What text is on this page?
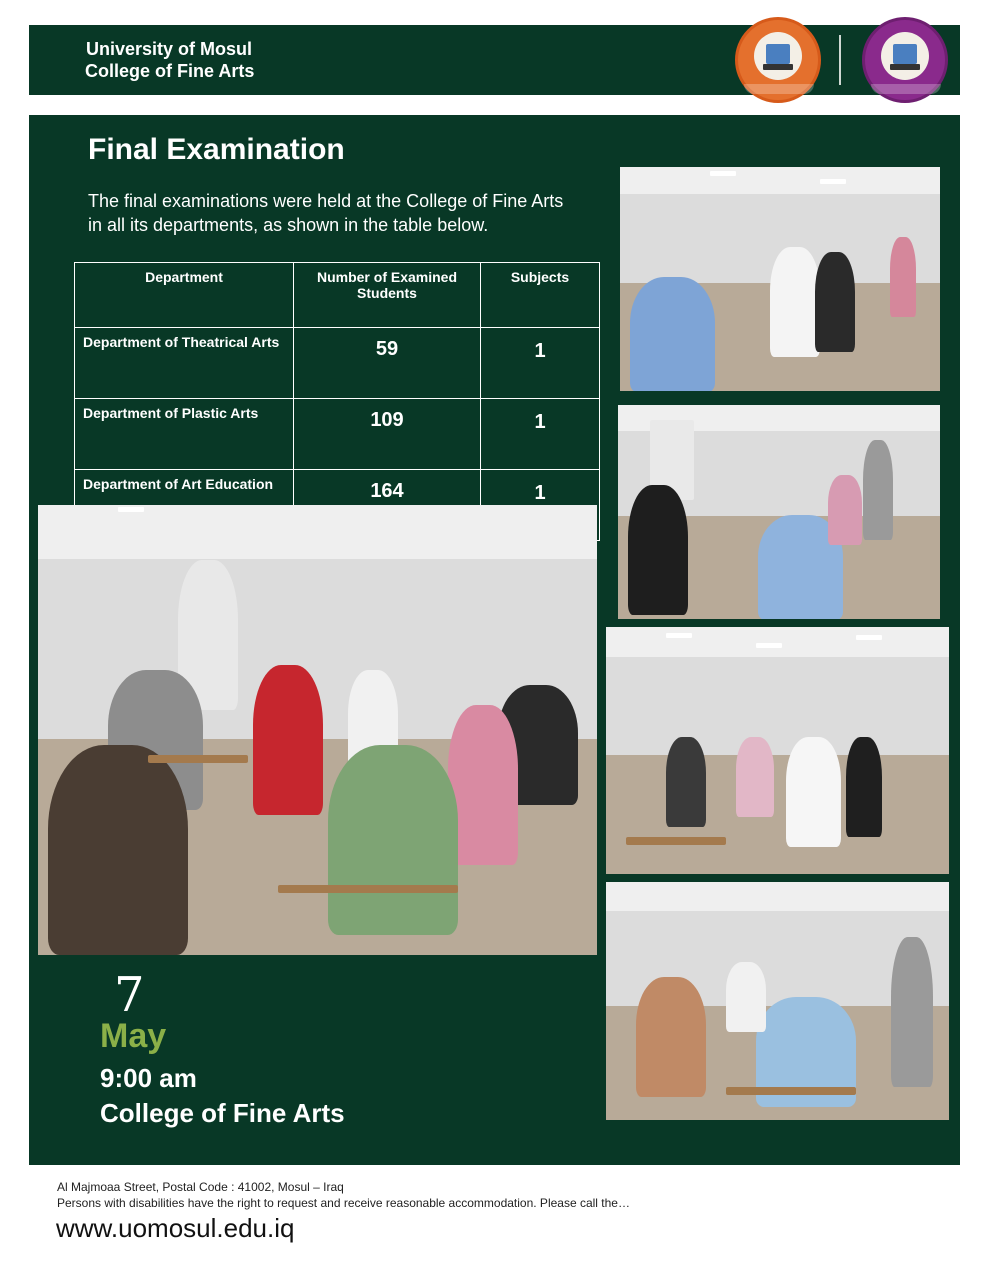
University of Mosul
College of Fine Arts
Final Examination
The final examinations were held at the College of Fine Arts in all its departments, as shown in the table below.
Department	Number of Examined Students	Subjects
Department of Theatrical Arts	59	1
Department of Plastic Arts	109	1
Department of Art Education	164	1
7
May
9:00 am
College of Fine Arts
Al Majmoaa Street, Postal Code : 41002, Mosul – Iraq
Persons with disabilities have the right to request and receive reasonable accommodation. Please call the…
www.uomosul.edu.iq
